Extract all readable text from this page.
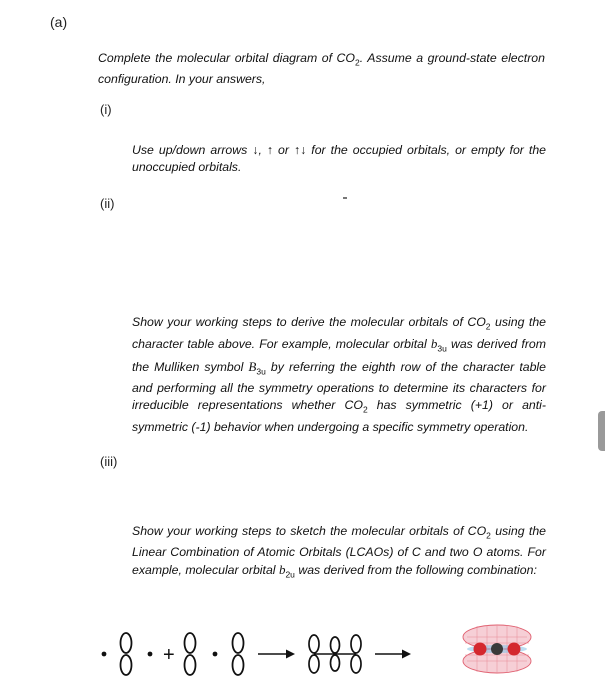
(a)
Complete the molecular orbital diagram of $CO_2$. Assume a ground-state electron configuration. In your answers,
(i)
Use up/down arrows ↓, ↑ or ↑↓ for the occupied orbitals, or empty for the unoccupied orbitals.
(ii)
Show your working steps to derive the molecular orbitals of $CO_2$ using the character table above. For example, molecular orbital $b_{3u}$ was derived from the Mulliken symbol $B_{3u}$ by referring the eighth row of the character table and performing all the symmetry operations to determine its characters for irreducible representations whether $CO_2$ has symmetric (+1) or anti-symmetric (-1) behavior when undergoing a specific symmetry operation.
(iii)
Show your working steps to sketch the molecular orbitals of $CO_2$ using the Linear Combination of Atomic Orbitals (LCAOs) of C and two O atoms. For example, molecular orbital $b_{2u}$ was derived from the following combination:
+
